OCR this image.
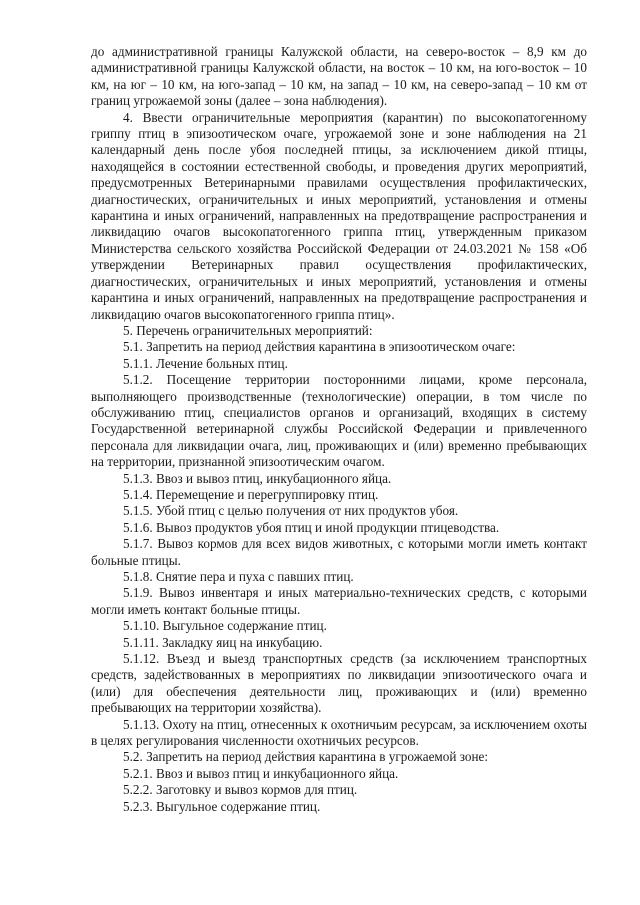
до административной границы Калужской области, на северо-восток – 8,9 км до административной границы Калужской области, на восток – 10 км, на юго-восток – 10 км, на юг – 10 км, на юго-запад – 10 км, на запад – 10 км, на северо-запад – 10 км от границ угрожаемой зоны (далее – зона наблюдения).

4. Ввести ограничительные мероприятия (карантин) по высокопатогенному гриппу птиц в эпизоотическом очаге, угрожаемой зоне и зоне наблюдения на 21 календарный день после убоя последней птицы, за исключением дикой птицы, находящейся в состоянии естественной свободы, и проведения других мероприятий, предусмотренных Ветеринарными правилами осуществления профилактических, диагностических, ограничительных и иных мероприятий, установления и отмены карантина и иных ограничений, направленных на предотвращение распространения и ликвидацию очагов высокопатогенного гриппа птиц, утвержденным приказом Министерства сельского хозяйства Российской Федерации от 24.03.2021 № 158 «Об утверждении Ветеринарных правил осуществления профилактических, диагностических, ограничительных и иных мероприятий, установления и отмены карантина и иных ограничений, направленных на предотвращение распространения и ликвидацию очагов высокопатогенного гриппа птиц».

5. Перечень ограничительных мероприятий:

5.1. Запретить на период действия карантина в эпизоотическом очаге:

5.1.1. Лечение больных птиц.

5.1.2. Посещение территории посторонними лицами, кроме персонала, выполняющего производственные (технологические) операции, в том числе по обслуживанию птиц, специалистов органов и организаций, входящих в систему Государственной ветеринарной службы Российской Федерации и привлеченного персонала для ликвидации очага, лиц, проживающих и (или) временно пребывающих на территории, признанной эпизоотическим очагом.

5.1.3. Ввоз и вывоз птиц, инкубационного яйца.

5.1.4. Перемещение и перегруппировку птиц.

5.1.5. Убой птиц с целью получения от них продуктов убоя.

5.1.6. Вывоз продуктов убоя птиц и иной продукции птицеводства.

5.1.7. Вывоз кормов для всех видов животных, с которыми могли иметь контакт больные птицы.

5.1.8. Снятие пера и пуха с павших птиц.

5.1.9. Вывоз инвентаря и иных материально-технических средств, с которыми могли иметь контакт больные птицы.

5.1.10. Выгульное содержание птиц.

5.1.11. Закладку яиц на инкубацию.

5.1.12. Въезд и выезд транспортных средств (за исключением транспортных средств, задействованных в мероприятиях по ликвидации эпизоотического очага и (или) для обеспечения деятельности лиц, проживающих и (или) временно пребывающих на территории хозяйства).

5.1.13. Охоту на птиц, отнесенных к охотничьим ресурсам, за исключением охоты в целях регулирования численности охотничьих ресурсов.

5.2. Запретить на период действия карантина в угрожаемой зоне:

5.2.1. Ввоз и вывоз птиц и инкубационного яйца.

5.2.2. Заготовку и вывоз кормов для птиц.

5.2.3. Выгульное содержание птиц.
